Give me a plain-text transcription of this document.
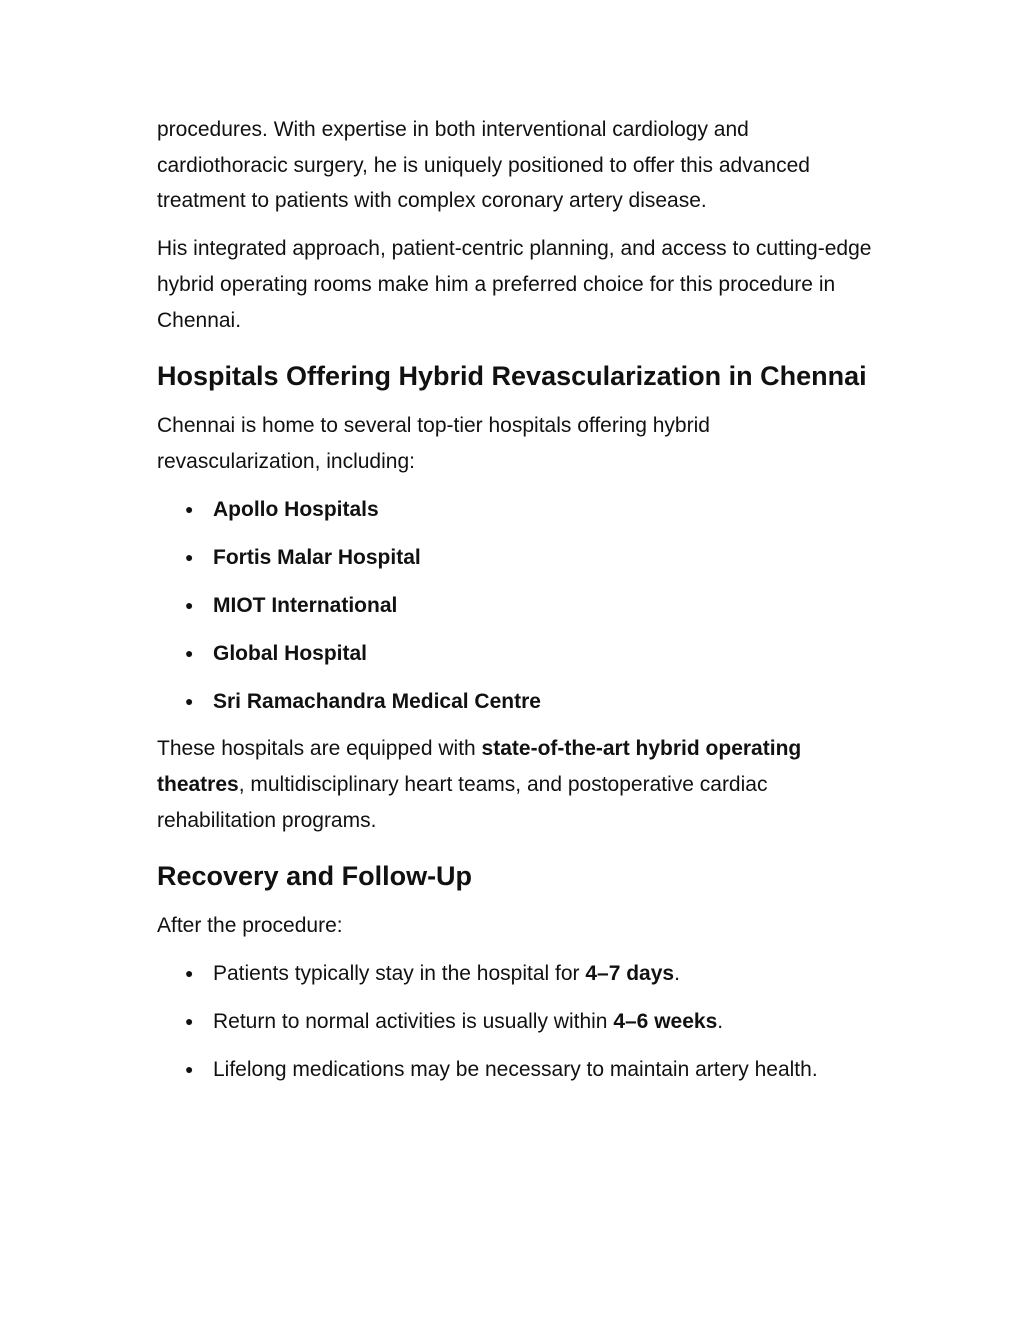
procedures. With expertise in both interventional cardiology and cardiothoracic surgery, he is uniquely positioned to offer this advanced treatment to patients with complex coronary artery disease.

His integrated approach, patient-centric planning, and access to cutting-edge hybrid operating rooms make him a preferred choice for this procedure in Chennai.

Hospitals Offering Hybrid Revascularization in Chennai

Chennai is home to several top-tier hospitals offering hybrid revascularization, including:

● Apollo Hospitals
● Fortis Malar Hospital
● MIOT International
● Global Hospital
● Sri Ramachandra Medical Centre

These hospitals are equipped with state-of-the-art hybrid operating theatres, multidisciplinary heart teams, and postoperative cardiac rehabilitation programs.

Recovery and Follow-Up

After the procedure:

● Patients typically stay in the hospital for 4–7 days.
● Return to normal activities is usually within 4–6 weeks.
● Lifelong medications may be necessary to maintain artery health.
